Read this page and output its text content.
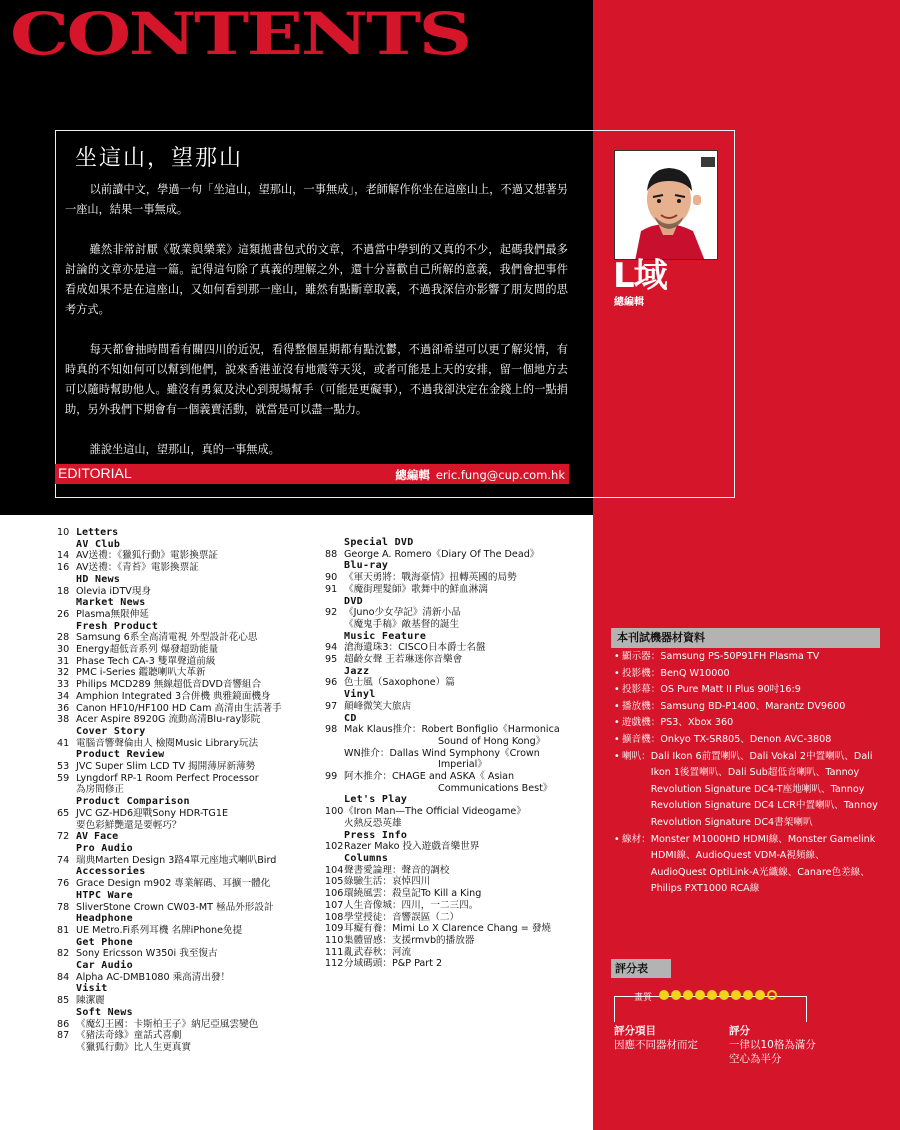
CONTENTS
坐這山，望那山

以前讀中文，學過一句「坐這山，望那山，一事無成」，老師解作你坐在這座山上，不過又想著另一座山，結果一事無成。

雖然非常討厭《敬業與樂業》這類拋書包式的文章，不過當中學到的又真的不少，起碼我們最多討論的文章亦是這一篇。記得這句除了真義的理解之外，還十分喜歡自己所解的意義，我們會把事件看成如果不是在這座山，又如何看到那一座山，雖然有點斷章取義，不過我深信亦影響了朋友間的思考方式。

每天都會抽時間看有關四川的近況，看得整個星期都有點沈鬱，不過卻希望可以更了解災情，有時真的不知如何可以幫到他們，說來香港並沒有地震等天災，或者可能是上天的安排，留一個地方去可以隨時幫助他人。雖沒有勇氣及決心到現場幫手（可能是更礙事），不過我卻決定在金錢上的一點捐助，另外我們下期會有一個義賣活動，就當是可以盡一點力。

誰說坐這山，望那山，真的一事無成。

L域
總編輯
EDITORIAL	總編輯 eric.fung@cup.com.hk
10 Letters
AV Club
14 AV送禮：《獵狐行動》電影換票証
16 AV送禮：《青苔》電影換票証
HD News
18 Olevia iDTV現身
Market News
26 Plasma無限伸延
Fresh Product
28 Samsung 6系全高清電視 外型設計花心思
30 Energy超低音系列 爆發超勁能量
31 Phase Tech CA-3 雙單聲道前級
32 PMC i-Series 鑑聽喇叭大革新
33 Philips MCD289 無線超低音DVD音響組合
34 Amphion Integrated 3合併機 典雅鏡面機身
36 Canon HF10/HF100 HD Cam 高清由生活著手
38 Acer Aspire 8920G 流動高清Blu-ray影院
Cover Story
41 電腦音響聲倫由人 檢閱Music Library玩法
Product Review
53 JVC Super Slim LCD TV 揭開薄屏新薄勢
59 Lyngdorf RP-1 Room Perfect Processor
為房間修正
Product Comparison
65 JVC GZ-HD6迎戰Sony HDR-TG1E
要色彩鮮艷還是要輕巧？
72 AV Face
Pro Audio
74 瑞典Marten Design 3路4單元座地式喇叭Bird
Accessories
76 Grace Design m902 專業解碼、耳擴一體化
HTPC Ware
78 SliverStone Crown CW03-MT 極品外形設計
Headphone
81 UE Metro.Fi系列耳機 名牌iPhone免提
Get Phone
82 Sony Ericsson W350i 我至復古
Car Audio
84 Alpha AC-DMB1080 乘高清出發！
Visit
85 陳潔麗
Soft News
86 《魔幻王國：卡斯柏王子》納尼亞風雲變色
87 《豬法奇緣》童話式喜劇
《獵狐行動》比人生更真實
Special DVD
88 George A. Romero《Diary Of The Dead》
Blu-ray
90 《軍天勇將：戰海豪情》扭轉英國的局勢
91 《魔街理髮師》歌舞中的鮮血淋漓
DVD
92 《Juno少女孕記》清新小品
《魔鬼手稿》敵基督的誕生
Music Feature
94 滄海遺珠3：CISCO日本爵士名盤
95 超齡女聲 王若琳迷你音樂會
Jazz
96 色士風（Saxophone）篇
Vinyl
97 顛峰微笑大旅店
CD
98 Mak Klaus推介：Robert Bonfiglio《Harmonica
Sound of Hong Kong》
WN推介：Dallas Wind Symphony《Crown
Imperial》
99 阿木推介：CHAGE and ASKA《 Asian
Communications Best》
Let's Play
100 《Iron Man—The Official Videogame》
火熱反恐英雄
Press Info
102 Razer Mako 投入遊戲音樂世界
Columns
104 聲書愛論理：聲音的調校
105 綠驗生活：哀悼四川
106 環繞風雲：殺皇記To Kill a King
107 人生音像城：四川，一二三四。
108 學堂授徒：音響誤區（二）
109 耳癡有養：Mimi Lo X Clarence Chang = 發燒
110 集體留感：支援rmvb的播放器
111 亂武春秋：河流
112 分域碼頭：P&P Part 2
本刊試機器材資料
• 顯示器： Samsung PS-50P91FH Plasma TV
• 投影機： BenQ W10000
• 投影幕： OS Pure Matt II Plus 90吋16:9
• 播放機： Samsung BD-P1400、Marantz DV9600
• 遊戲機： PS3、Xbox 360
• 擴音機： Onkyo TX-SR805、Denon AVC-3808
• 喇叭： Dali Ikon 6前置喇叭、Dali Vokal 2中置喇叭、Dali Ikon 1後置喇叭、Dali Sub超低音喇叭、Tannoy Revolution Signature DC4-T座地喇叭、Tannoy Revolution Signature DC4 LCR中置喇叭、Tannoy Revolution Signature DC4書架喇叭
• 線材： Monster M1000HD HDMI線、Monster Gamelink HDMI線、AudioQuest VDM-A視頻線、AudioQuest OptiLink-A光纖線、Canare色差線、Philips PXT1000 RCA線
評分表
畫質
評分項目
因應不同器材而定
評分
一律以10格為滿分
空心為半分
